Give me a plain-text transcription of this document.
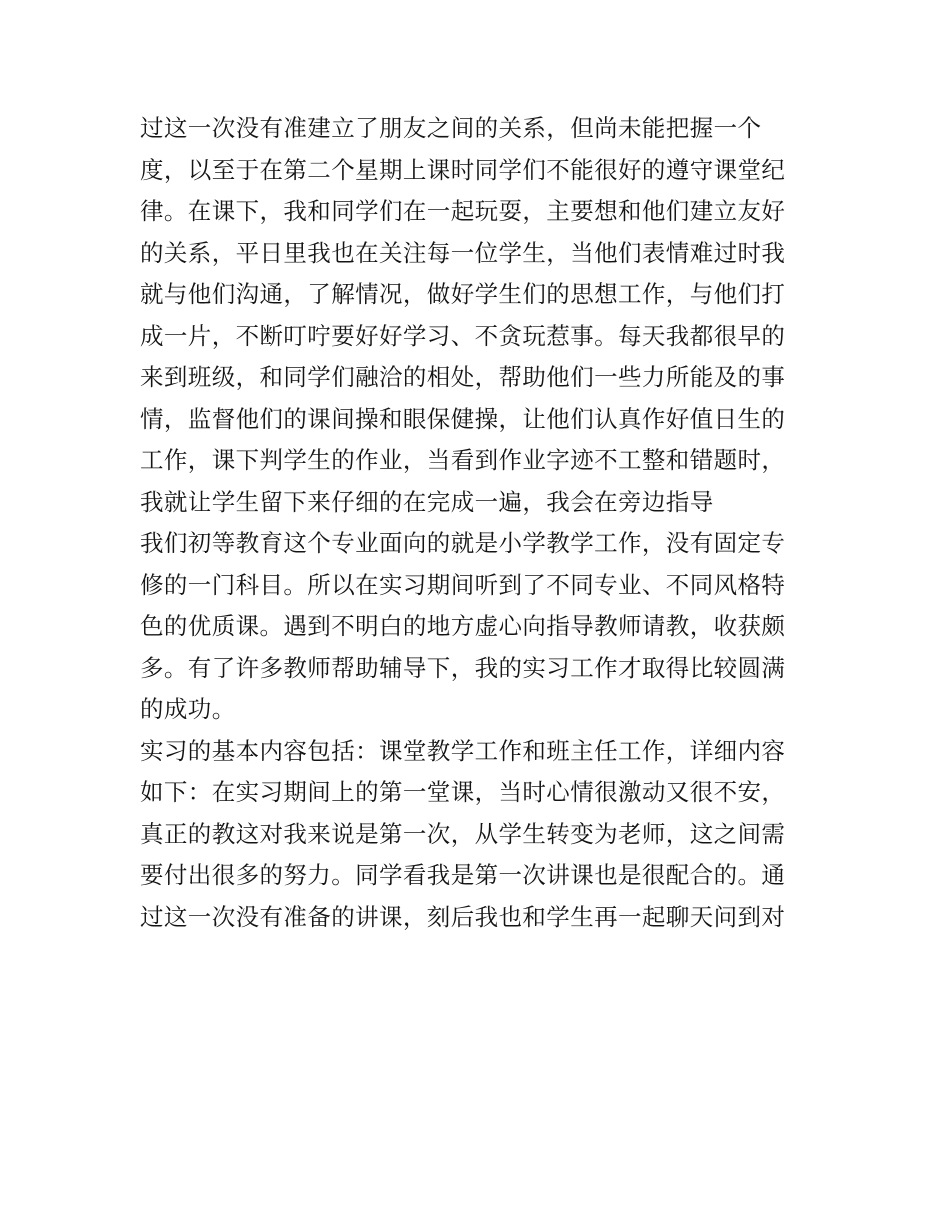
过这一次没有准建立了朋友之间的关系，但尚未能把握一个
度，以至于在第二个星期上课时同学们不能很好的遵守课堂纪
律。在课下，我和同学们在一起玩耍，主要想和他们建立友好
的关系，平日里我也在关注每一位学生，当他们表情难过时我
就与他们沟通，了解情况，做好学生们的思想工作，与他们打
成一片，不断叮咛要好好学习、不贪玩惹事。每天我都很早的
来到班级，和同学们融洽的相处，帮助他们一些力所能及的事
情，监督他们的课间操和眼保健操，让他们认真作好值日生的
工作，课下判学生的作业，当看到作业字迹不工整和错题时，
我就让学生留下来仔细的在完成一遍，我会在旁边指导
我们初等教育这个专业面向的就是小学教学工作，没有固定专
修的一门科目。所以在实习期间听到了不同专业、不同风格特
色的优质课。遇到不明白的地方虚心向指导教师请教，收获颇
多。有了许多教师帮助辅导下，我的实习工作才取得比较圆满
的成功。
实习的基本内容包括：课堂教学工作和班主任工作，详细内容
如下：在实习期间上的第一堂课，当时心情很激动又很不安，
真正的教这对我来说是第一次，从学生转变为老师，这之间需
要付出很多的努力。同学看我是第一次讲课也是很配合的。通
过这一次没有准备的讲课，刻后我也和学生再一起聊天问到对
